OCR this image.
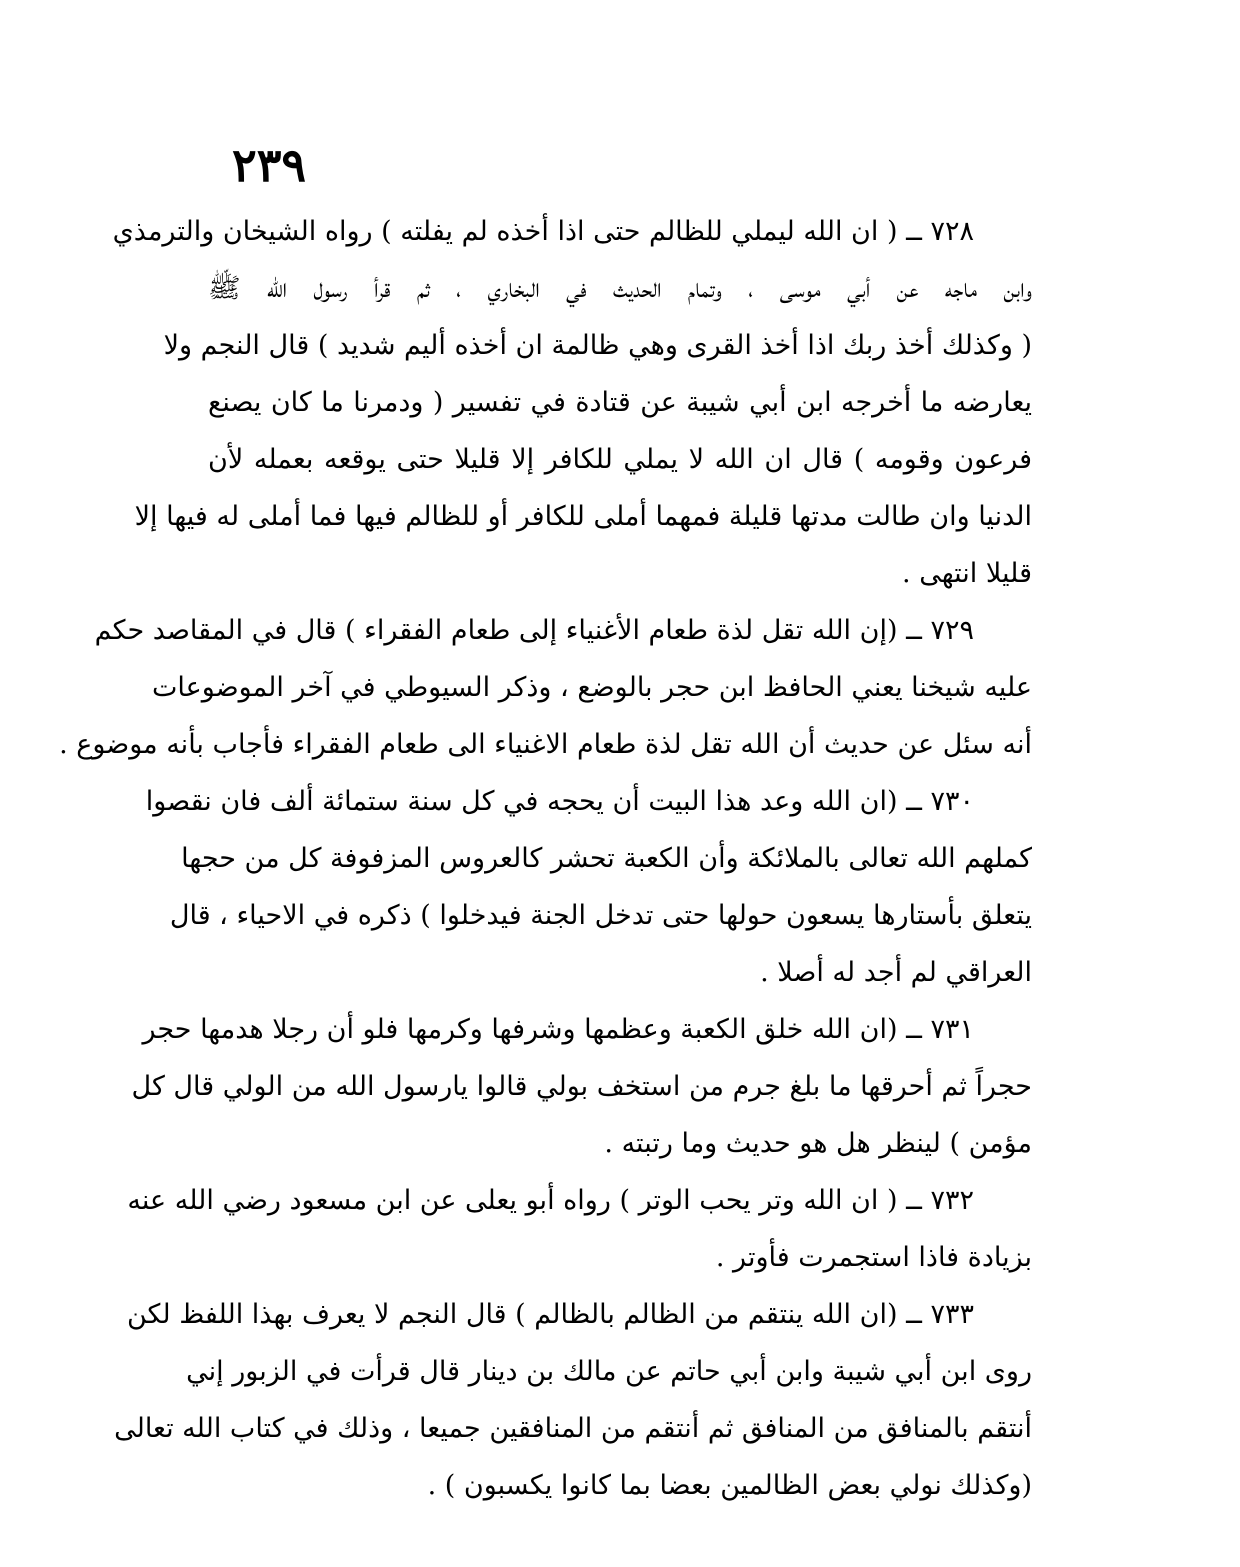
٢٣٩
٧٢٨ ــ ( ان الله ليملي للظالم حتى اذا أخذه لم يفلته ) رواه الشيخان والترمذي
وابن ماجه عن أبي موسى ، وتمام الحديث في البخاري ، ثم قرأ رسول الله ﷺ
( وكذلك أخذ ربك اذا أخذ القرى وهي ظالمة ان أخذه أليم شديد ) قال النجم ولا
يعارضه ما أخرجه ابن أبي شيبة عن قتادة في تفسير ( ودمرنا ما كان يصنع
فرعون وقومه ) قال ان الله لا يملي للكافر إلا قليلا حتى يوقعه بعمله لأن
الدنيا وان طالت مدتها قليلة فمهما أملى للكافر أو للظالم فيها فما أملى له فيها إلا
قليلا انتهى .
٧٢٩ ــ (إن الله تقل لذة طعام الأغنياء إلى طعام الفقراء ) قال في المقاصد حكم
عليه شيخنا يعني الحافظ ابن حجر بالوضع ، وذكر السيوطي في آخر الموضوعات
أنه سئل عن حديث أن الله تقل لذة طعام الاغنياء الى طعام الفقراء فأجاب بأنه موضوع .
٧٣٠ ــ (ان الله وعد هذا البيت أن يحجه في كل سنة ستمائة ألف فان نقصوا
كملهم الله تعالى بالملائكة وأن الكعبة تحشر كالعروس المزفوفة كل من حجها
يتعلق بأستارها يسعون حولها حتى تدخل الجنة فيدخلوا ) ذكره في الاحياء ، قال
العراقي لم أجد له أصلا .
٧٣١ ــ (ان الله خلق الكعبة وعظمها وشرفها وكرمها فلو أن رجلا هدمها حجر
حجراً ثم أحرقها ما بلغ جرم من استخف بولي قالوا يارسول الله من الولي قال كل
مؤمن ) لينظر هل هو حديث وما رتبته .
٧٣٢ ــ ( ان الله وتر يحب الوتر ) رواه أبو يعلى عن ابن مسعود رضي الله عنه
بزيادة فاذا استجمرت فأوتر .
٧٣٣ ــ (ان الله ينتقم من الظالم بالظالم ) قال النجم لا يعرف بهذا اللفظ لكن
روى ابن أبي شيبة وابن أبي حاتم عن مالك بن دينار قال قرأت في الزبور إني
أنتقم بالمنافق من المنافق ثم أنتقم من المنافقين جميعا ، وذلك في كتاب الله تعالى
(وكذلك نولي بعض الظالمين بعضا بما كانوا يكسبون ) .
